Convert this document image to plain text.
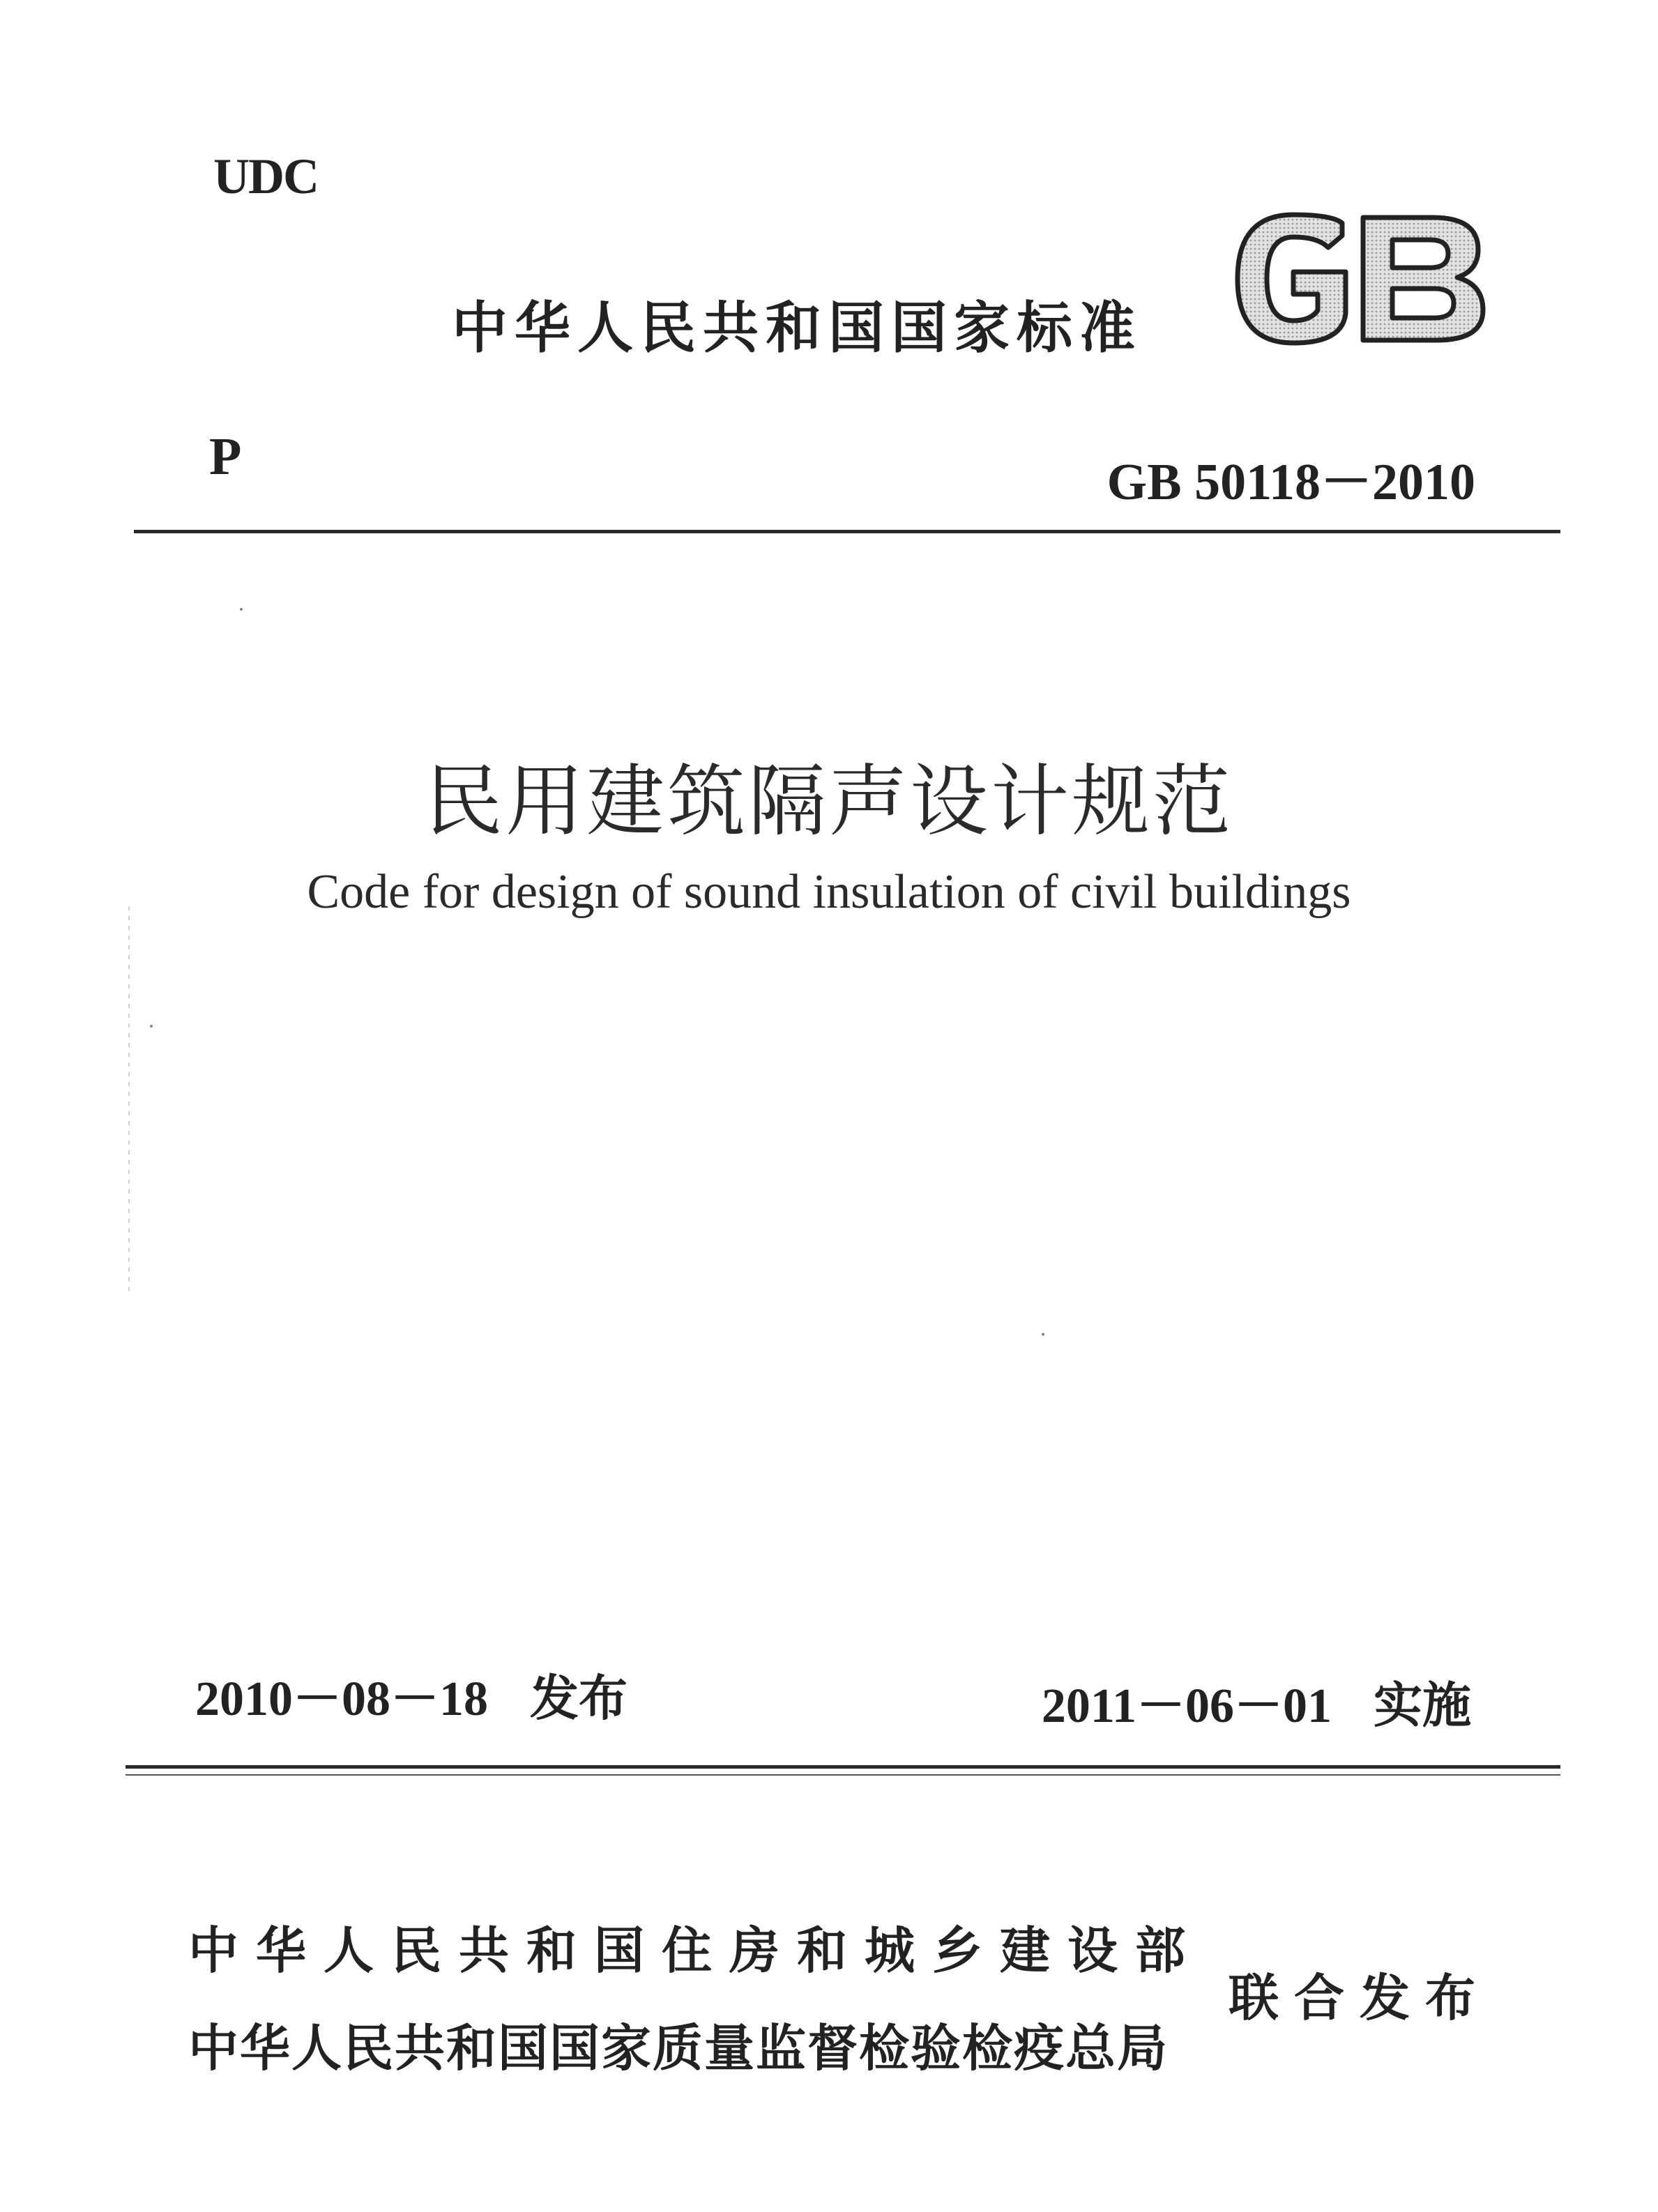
UDC
中华人民共和国国家标准
GB
P	GB 50118－2010
民用建筑隔声设计规范
Code for design of sound insulation of civil buildings
2010－08－18 发布	2011－06－01 实施
中华人民共和国住房和城乡建设部
中华人民共和国国家质量监督检验检疫总局
联合发布
